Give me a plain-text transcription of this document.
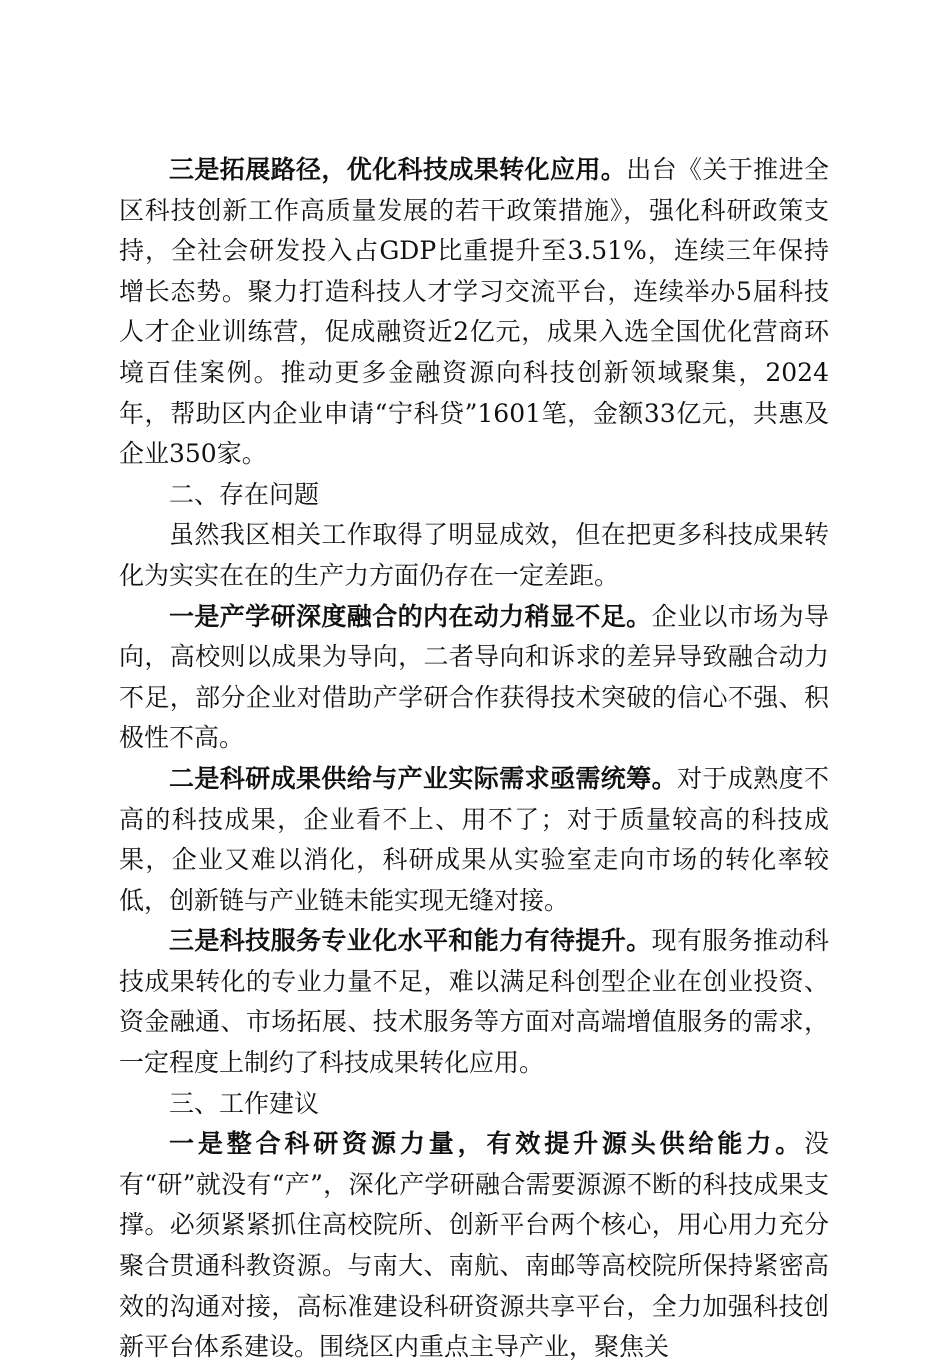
三是拓展路径，优化科技成果转化应用。出台《关于推进全区科技创新工作高质量发展的若干政策措施》，强化科研政策支持，全社会研发投入占GDP比重提升至3.51%，连续三年保持增长态势。聚力打造科技人才学习交流平台，连续举办5届科技人才企业训练营，促成融资近2亿元，成果入选全国优化营商环境百佳案例。推动更多金融资源向科技创新领域聚集，2024年，帮助区内企业申请“宁科贷”1601笔，金额33亿元，共惠及企业350家。

二、存在问题

虽然我区相关工作取得了明显成效，但在把更多科技成果转化为实实在在的生产力方面仍存在一定差距。

一是产学研深度融合的内在动力稍显不足。企业以市场为导向，高校则以成果为导向，二者导向和诉求的差异导致融合动力不足，部分企业对借助产学研合作获得技术突破的信心不强、积极性不高。

二是科研成果供给与产业实际需求亟需统筹。对于成熟度不高的科技成果，企业看不上、用不了；对于质量较高的科技成果，企业又难以消化，科研成果从实验室走向市场的转化率较低，创新链与产业链未能实现无缝对接。

三是科技服务专业化水平和能力有待提升。现有服务推动科技成果转化的专业力量不足，难以满足科创型企业在创业投资、资金融通、市场拓展、技术服务等方面对高端增值服务的需求，一定程度上制约了科技成果转化应用。

三、工作建议

一是整合科研资源力量，有效提升源头供给能力。没有“研”就没有“产”，深化产学研融合需要源源不断的科技成果支撑。必须紧紧抓住高校院所、创新平台两个核心，用心用力充分聚合贯通科教资源。与南大、南航、南邮等高校院所保持紧密高效的沟通对接，高标准建设科研资源共享平台，全力加强科技创新平台体系建设。围绕区内重点主导产业，聚焦关
